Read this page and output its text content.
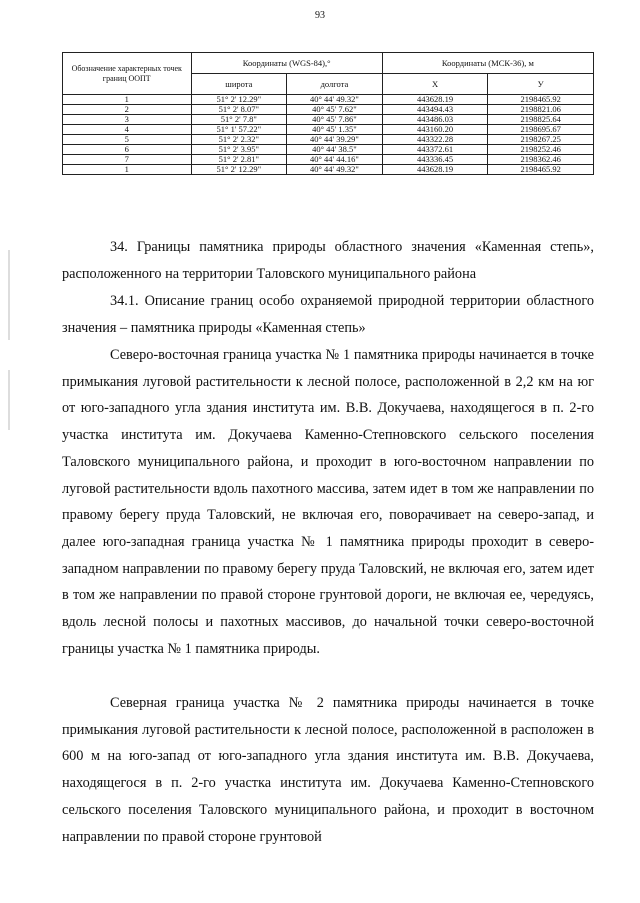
93
Обозначение характерных точек границ ООПТ	Координаты (WGS-84),°		Координаты (МСК-36), м	
	широта	долгота	Х	У
1	51° 2' 12.29"	40° 44' 49.32"	443628.19	2198465.92
2	51° 2' 8.07"	40° 45' 7.62"	443494.43	2198821.06
3	51° 2' 7.8"	40° 45' 7.86"	443486.03	2198825.64
4	51° 1' 57.22"	40° 45' 1.35"	443160.20	2198695.67
5	51° 2' 2.32"	40° 44' 39.29"	443322.28	2198267.25
6	51° 2' 3.95"	40° 44' 38.5"	443372.61	2198252.46
7	51° 2' 2.81"	40° 44' 44.16"	443336.45	2198362.46
1	51° 2' 12.29"	40° 44' 49.32"	443628.19	2198465.92

34. Границы памятника природы областного значения «Каменная степь», расположенного на территории Таловского муниципального района

34.1. Описание границ особо охраняемой природной территории областного значения – памятника природы «Каменная степь»

Северо-восточная граница участка № 1 памятника природы начинается в точке примыкания луговой растительности к лесной полосе, расположенной в 2,2 км на юг от юго-западного угла здания института им. В.В. Докучаева, находящегося в п. 2-го участка института им. Докучаева Каменно-Степновского сельского поселения Таловского муниципального района, и проходит в юго-восточном направлении по луговой растительности вдоль пахотного массива, затем идет в том же направлении по правому берегу пруда Таловский, не включая его, поворачивает на северо-запад, и далее юго-западная граница участка № 1 памятника природы проходит в северо-западном направлении по правому берегу пруда Таловский, не включая его, затем идет в том же направлении по правой стороне грунтовой дороги, не включая ее, чередуясь, вдоль лесной полосы и пахотных массивов, до начальной точки северо-восточной границы участка № 1 памятника природы.

Северная граница участка № 2 памятника природы начинается в точке примыкания луговой растительности к лесной полосе, расположенной в расположен в 600 м на юго-запад от юго-западного угла здания института им. В.В. Докучаева, находящегося в п. 2-го участка института им. Докучаева Каменно-Степновского сельского поселения Таловского муниципального района, и проходит в восточном направлении по правой стороне грунтовой
